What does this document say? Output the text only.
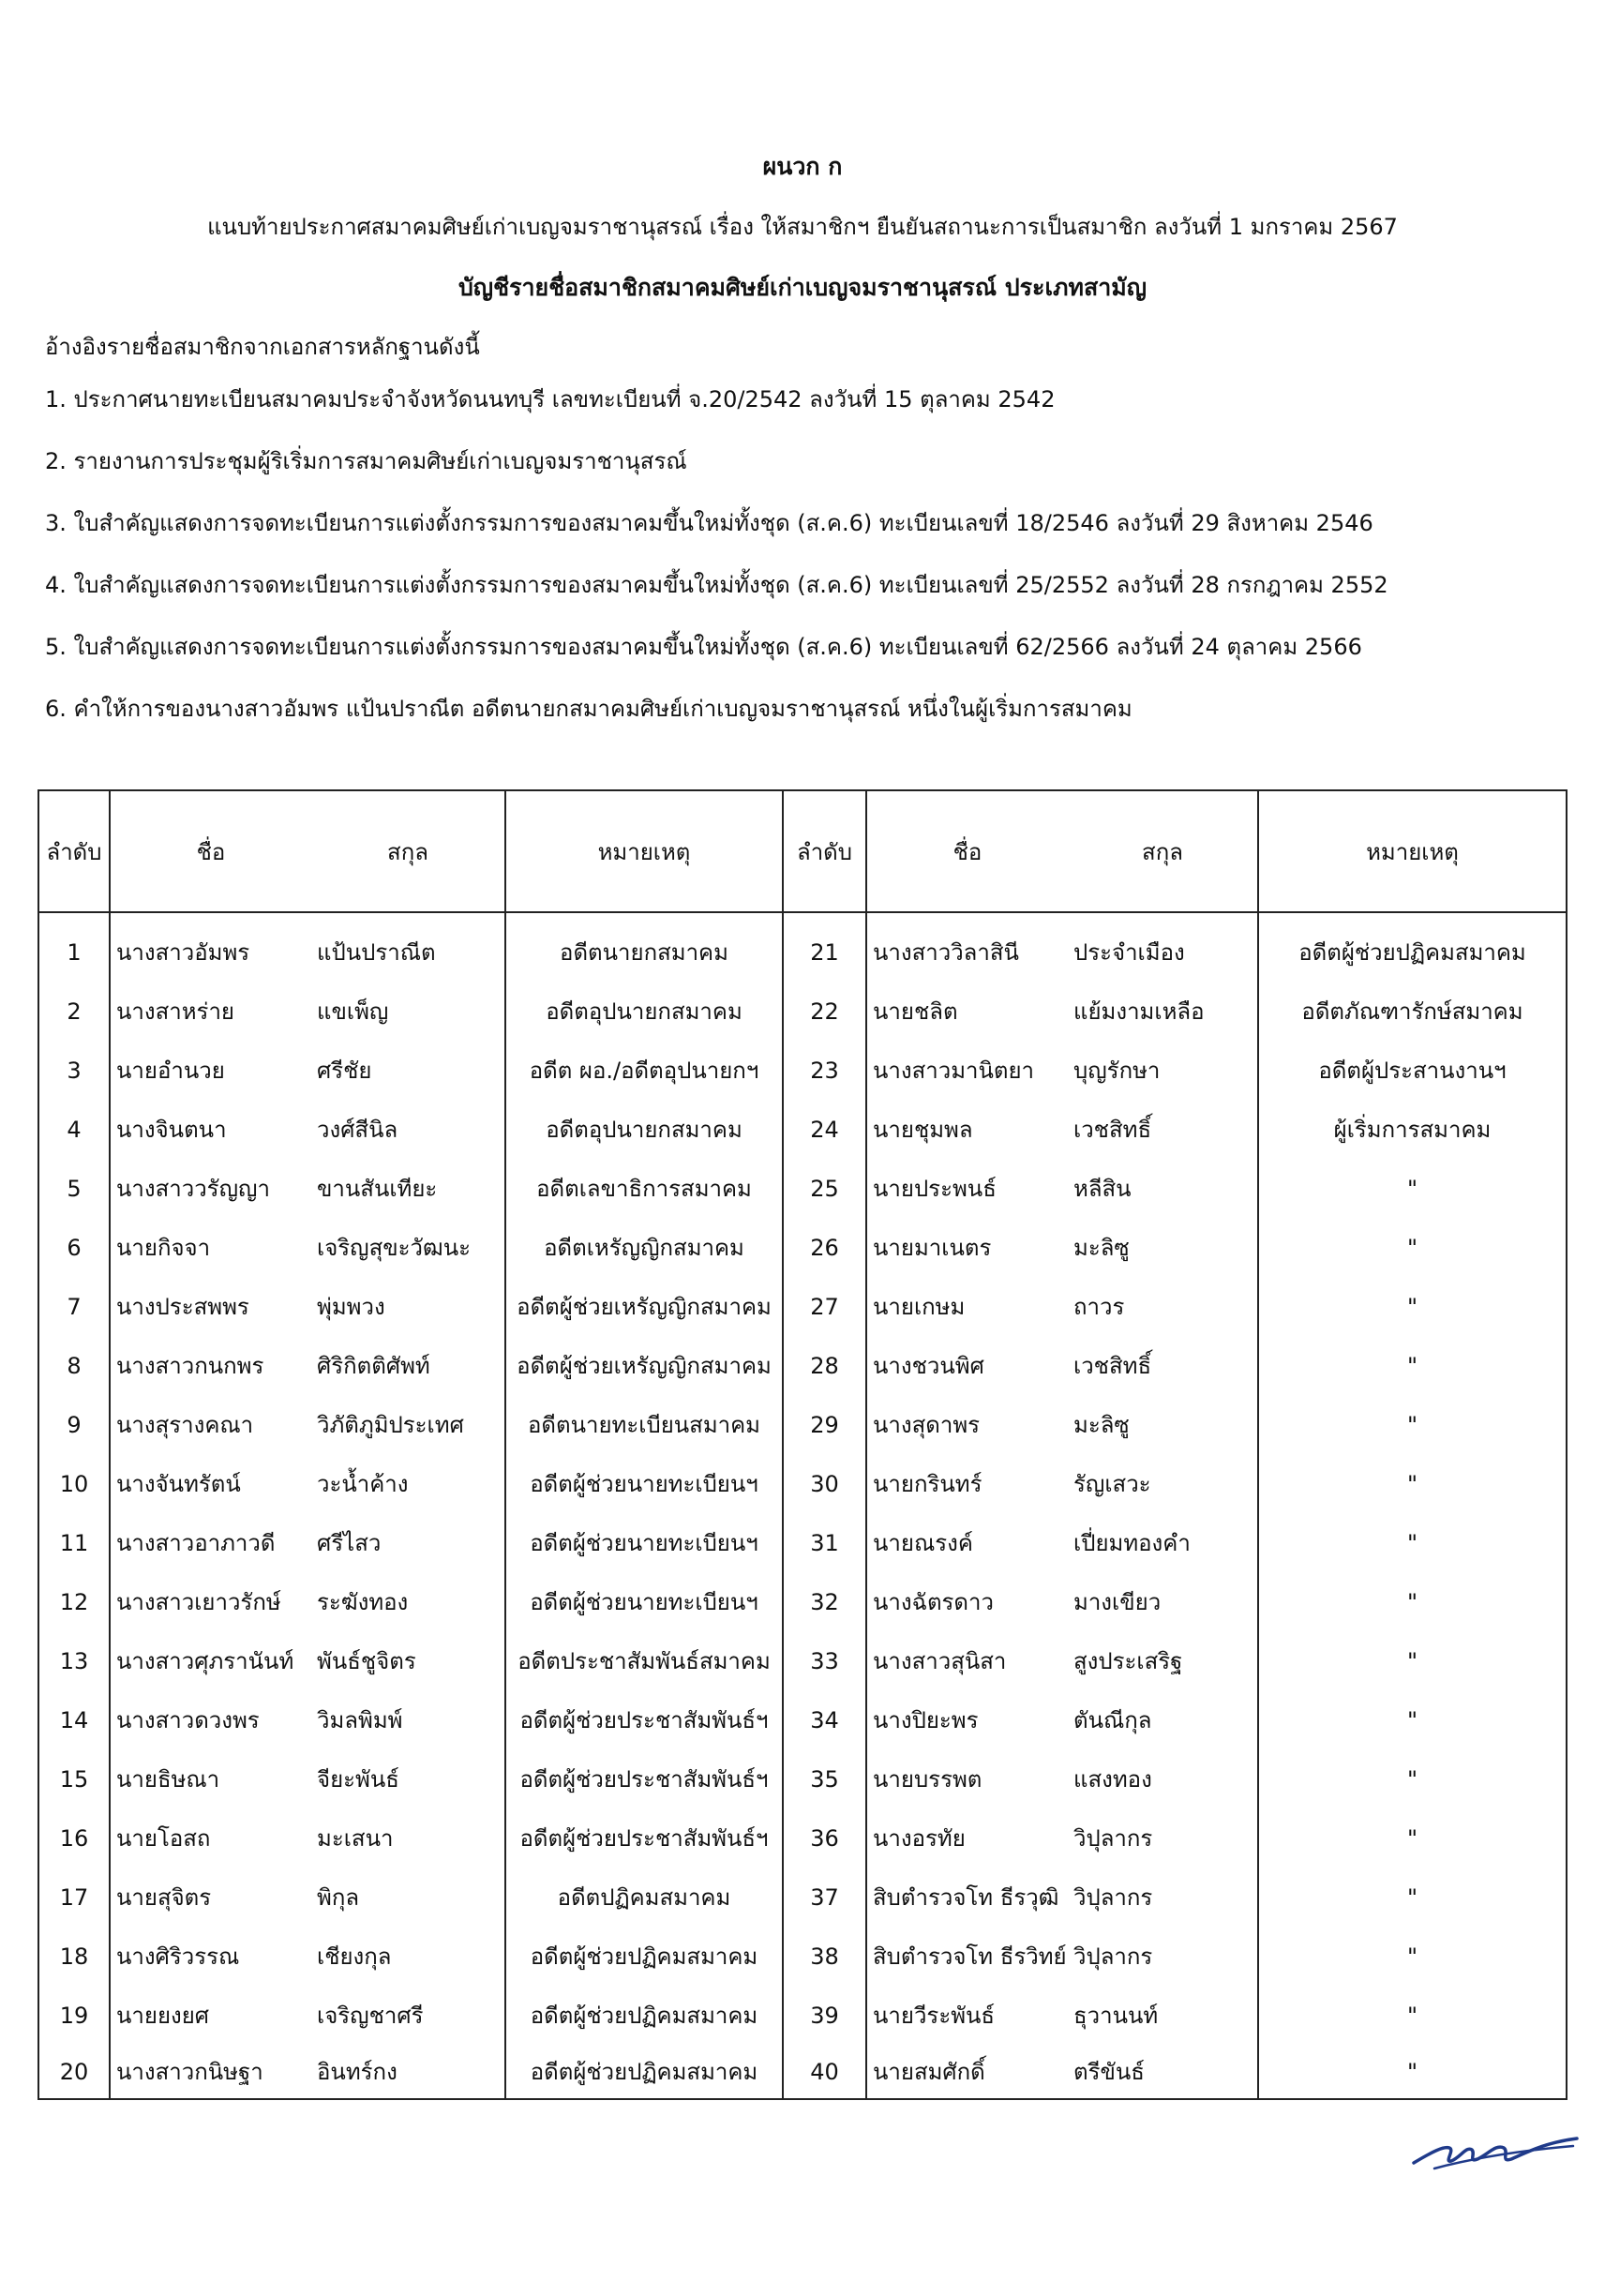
ผนวก ก
แนบท้ายประกาศสมาคมศิษย์เก่าเบญจมราชานุสรณ์ เรื่อง ให้สมาชิกฯ ยืนยันสถานะการเป็นสมาชิก ลงวันที่ 1 มกราคม 2567
บัญชีรายชื่อสมาชิกสมาคมศิษย์เก่าเบญจมราชานุสรณ์ ประเภทสามัญ
อ้างอิงรายชื่อสมาชิกจากเอกสารหลักฐานดังนี้
1. ประกาศนายทะเบียนสมาคมประจำจังหวัดนนทบุรี เลขทะเบียนที่ จ.20/2542 ลงวันที่ 15 ตุลาคม 2542
2. รายงานการประชุมผู้ริเริ่มการสมาคมศิษย์เก่าเบญจมราชานุสรณ์
3. ใบสำคัญแสดงการจดทะเบียนการแต่งตั้งกรรมการของสมาคมขึ้นใหม่ทั้งชุด (ส.ค.6) ทะเบียนเลขที่ 18/2546 ลงวันที่ 29 สิงหาคม 2546
4. ใบสำคัญแสดงการจดทะเบียนการแต่งตั้งกรรมการของสมาคมขึ้นใหม่ทั้งชุด (ส.ค.6) ทะเบียนเลขที่ 25/2552 ลงวันที่ 28 กรกฎาคม 2552
5. ใบสำคัญแสดงการจดทะเบียนการแต่งตั้งกรรมการของสมาคมขึ้นใหม่ทั้งชุด (ส.ค.6) ทะเบียนเลขที่ 62/2566 ลงวันที่ 24 ตุลาคม 2566
6. คำให้การของนางสาวอัมพร แป้นปราณีต อดีตนายกสมาคมศิษย์เก่าเบญจมราชานุสรณ์ หนึ่งในผู้เริ่มการสมาคม
ลำดับ	ชื่อ	สกุล	หมายเหตุ	ลำดับ	ชื่อ	สกุล	หมายเหตุ
1	นางสาวอัมพร	แป้นปราณีต	อดีตนายกสมาคม	21	นางสาววิลาสินี	ประจำเมือง	อดีตผู้ช่วยปฏิคมสมาคม
2	นางสาหร่าย	แขเพ็ญ	อดีตอุปนายกสมาคม	22	นายชลิต	แย้มงามเหลือ	อดีตภัณฑารักษ์สมาคม
3	นายอำนวย	ศรีชัย	อดีต ผอ./อดีตอุปนายกฯ	23	นางสาวมานิตยา	บุญรักษา	อดีตผู้ประสานงานฯ
4	นางจินตนา	วงศ์สีนิล	อดีตอุปนายกสมาคม	24	นายชุมพล	เวชสิทธิ์	ผู้เริ่มการสมาคม
5	นางสาววรัญญา	ขานสันเทียะ	อดีตเลขาธิการสมาคม	25	นายประพนธ์	หลีสิน	"
6	นายกิจจา	เจริญสุขะวัฒนะ	อดีตเหรัญญิกสมาคม	26	นายมาเนตร	มะลิซู	"
7	นางประสพพร	พุ่มพวง	อดีตผู้ช่วยเหรัญญิกสมาคม	27	นายเกษม	ถาวร	"
8	นางสาวกนกพร	ศิริกิตติศัพท์	อดีตผู้ช่วยเหรัญญิกสมาคม	28	นางชวนพิศ	เวชสิทธิ์	"
9	นางสุรางคณา	วิภัติภูมิประเทศ	อดีตนายทะเบียนสมาคม	29	นางสุดาพร	มะลิซู	"
10	นางจันทรัตน์	วะน้ำค้าง	อดีตผู้ช่วยนายทะเบียนฯ	30	นายกรินทร์	รัญเสวะ	"
11	นางสาวอาภาวดี	ศรีไสว	อดีตผู้ช่วยนายทะเบียนฯ	31	นายณรงค์	เปี่ยมทองคำ	"
12	นางสาวเยาวรักษ์	ระฆังทอง	อดีตผู้ช่วยนายทะเบียนฯ	32	นางฉัตรดาว	มางเขียว	"
13	นางสาวศุภรานันท์	พันธ์ชูจิตร	อดีตประชาสัมพันธ์สมาคม	33	นางสาวสุนิสา	สูงประเสริฐ	"
14	นางสาวดวงพร	วิมลพิมพ์	อดีตผู้ช่วยประชาสัมพันธ์ฯ	34	นางปิยะพร	ตันณีกุล	"
15	นายธิษณา	จียะพันธ์	อดีตผู้ช่วยประชาสัมพันธ์ฯ	35	นายบรรพต	แสงทอง	"
16	นายโอสถ	มะเสนา	อดีตผู้ช่วยประชาสัมพันธ์ฯ	36	นางอรทัย	วิปุลากร	"
17	นายสุจิตร	พิกุล	อดีตปฏิคมสมาคม	37	สิบตำรวจโท ธีรวุฒิ	วิปุลากร	"
18	นางศิริวรรณ	เชียงกุล	อดีตผู้ช่วยปฏิคมสมาคม	38	สิบตำรวจโท ธีรวิทย์	วิปุลากร	"
19	นายยงยศ	เจริญชาศรี	อดีตผู้ช่วยปฏิคมสมาคม	39	นายวีระพันธ์	ธุวานนท์	"
20	นางสาวกนิษฐา	อินทร์กง	อดีตผู้ช่วยปฏิคมสมาคม	40	นายสมศักดิ์	ตรีขันธ์	"
